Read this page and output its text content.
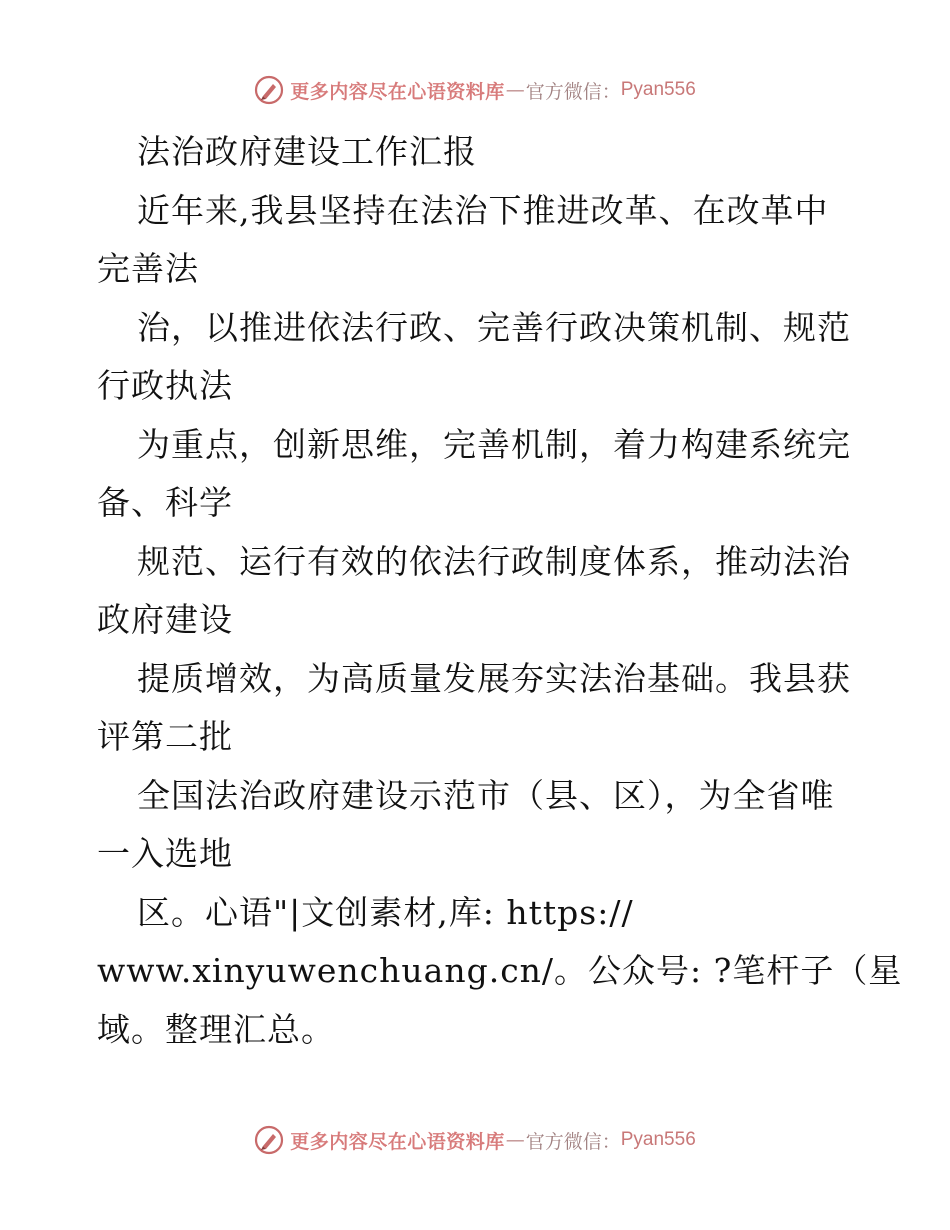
更多内容尽在心语资料库 — 官方微信： Pyan556
法治政府建设工作汇报
近年来,我县坚持在法治下推进改革、在改革中
完善法
治，以推进依法行政、完善行政决策机制、规范
行政执法
为重点，创新思维，完善机制，着力构建系统完
备、科学
规范、运行有效的依法行政制度体系，推动法治
政府建设
提质增效，为高质量发展夯实法治基础。我县获
评第二批
全国法治政府建设示范市（县、区），为全省唯
一入选地
区。心语"|文创素材,库: https://
www.xinyuwenchuang.cn/。公众号: ?笔杆子（星
域。整理汇总。
更多内容尽在心语资料库 — 官方微信： Pyan556
